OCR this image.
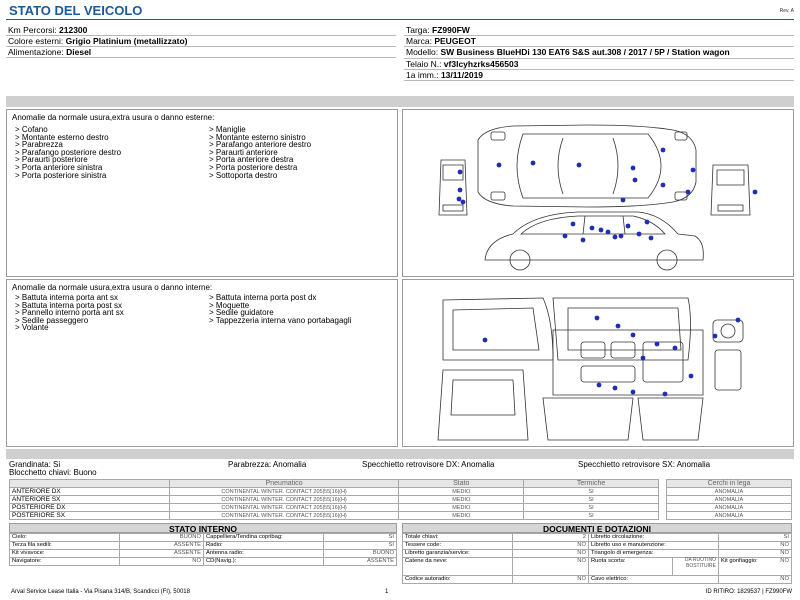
STATO DEL VEICOLO	Rev. A
Km Percorsi: 212300
Colore esterni: Grigio Platinium (metallizzato)
Alimentazione: Diesel
Targa: FZ990FW
Marca: PEUGEOT
Modello: SW Business BlueHDi 130 EAT6 S&S aut.308 / 2017 / 5P / Station wagon
Telaio N.: vf3lcyhzrks456503
1a imm.: 13/11/2019
Anomalie da normale usura,extra usura o danno esterne:
> Cofano
> Montante esterno destro
> Parabrezza
> Parafango posteriore destro
> Paraurti posteriore
> Porta anteriore sinistra
> Porta posteriore sinistra
> Maniglie
> Montante esterno sinistro
> Parafango anteriore destro
> Paraurti anteriore
> Porta anteriore destra
> Porta posteriore destra
> Sottoporta destro
Anomalie da normale usura,extra usura o danno interne:
> Battuta interna porta ant sx
> Battuta interna porta post sx
> Pannello interno porta ant sx
> Sedile passeggero
> Volante
> Battuta interna porta post dx
> Moquette
> Sedile guidatore
> Tappezzeria interna vano portabagagli
Grandinata: Si
Blocchetto chiavi: Buono
Parabrezza: Anomalia	Specchietto retrovisore DX: Anomalia	Specchietto retrovisore SX: Anomalia
	Pneumatico	Stato	Termiche
ANTERIORE DX	CONTINENTAL WINTER. CONTACT 205|55|16|(H)	MEDIO	SI
ANTERIORE SX	CONTINENTAL WINTER. CONTACT 205|55|16|(H)	MEDIO	SI
POSTERIORE DX	CONTINENTAL WINTER. CONTACT 205|55|16|(H)	MEDIO	SI
POSTERIORE SX	CONTINENTAL WINTER. CONTACT 205|55|16|(H)	MEDIO	SI
Cerchi in lega
ANOMALIA
ANOMALIA
ANOMALIA
ANOMALIA
STATO INTERNO
Cielo:	BUONO	Cappelliera/Tendina copribag:	SI
Terza fila sedili:	ASSENTE	Radio:	SI
Kit vivavoce:	ASSENTE	Antenna radio:	BUONO
Navigatore:	NO	CD(Navig.):	ASSENTE
DOCUMENTI E DOTAZIONI
Totale chiavi:	2	Libretto circolazione:		SI
Tessere code:	NO	Libretto uso e manutenzione:		NO
Libretto garanzia/service:	NO	Triangolo di emergenza:		NO
Catene da neve:	NO	Ruota scorta:	DA RUOTINO BOSTITUIRE	Kit gonfiaggio: NO

Codice autoradio:	NO	Cavo elettrico:		NO
Arval Service Lease Italia - Via Pisana 314/B, Scandicci (FI), 50018	1	ID RITIRO: 1829537 | FZ990FW
